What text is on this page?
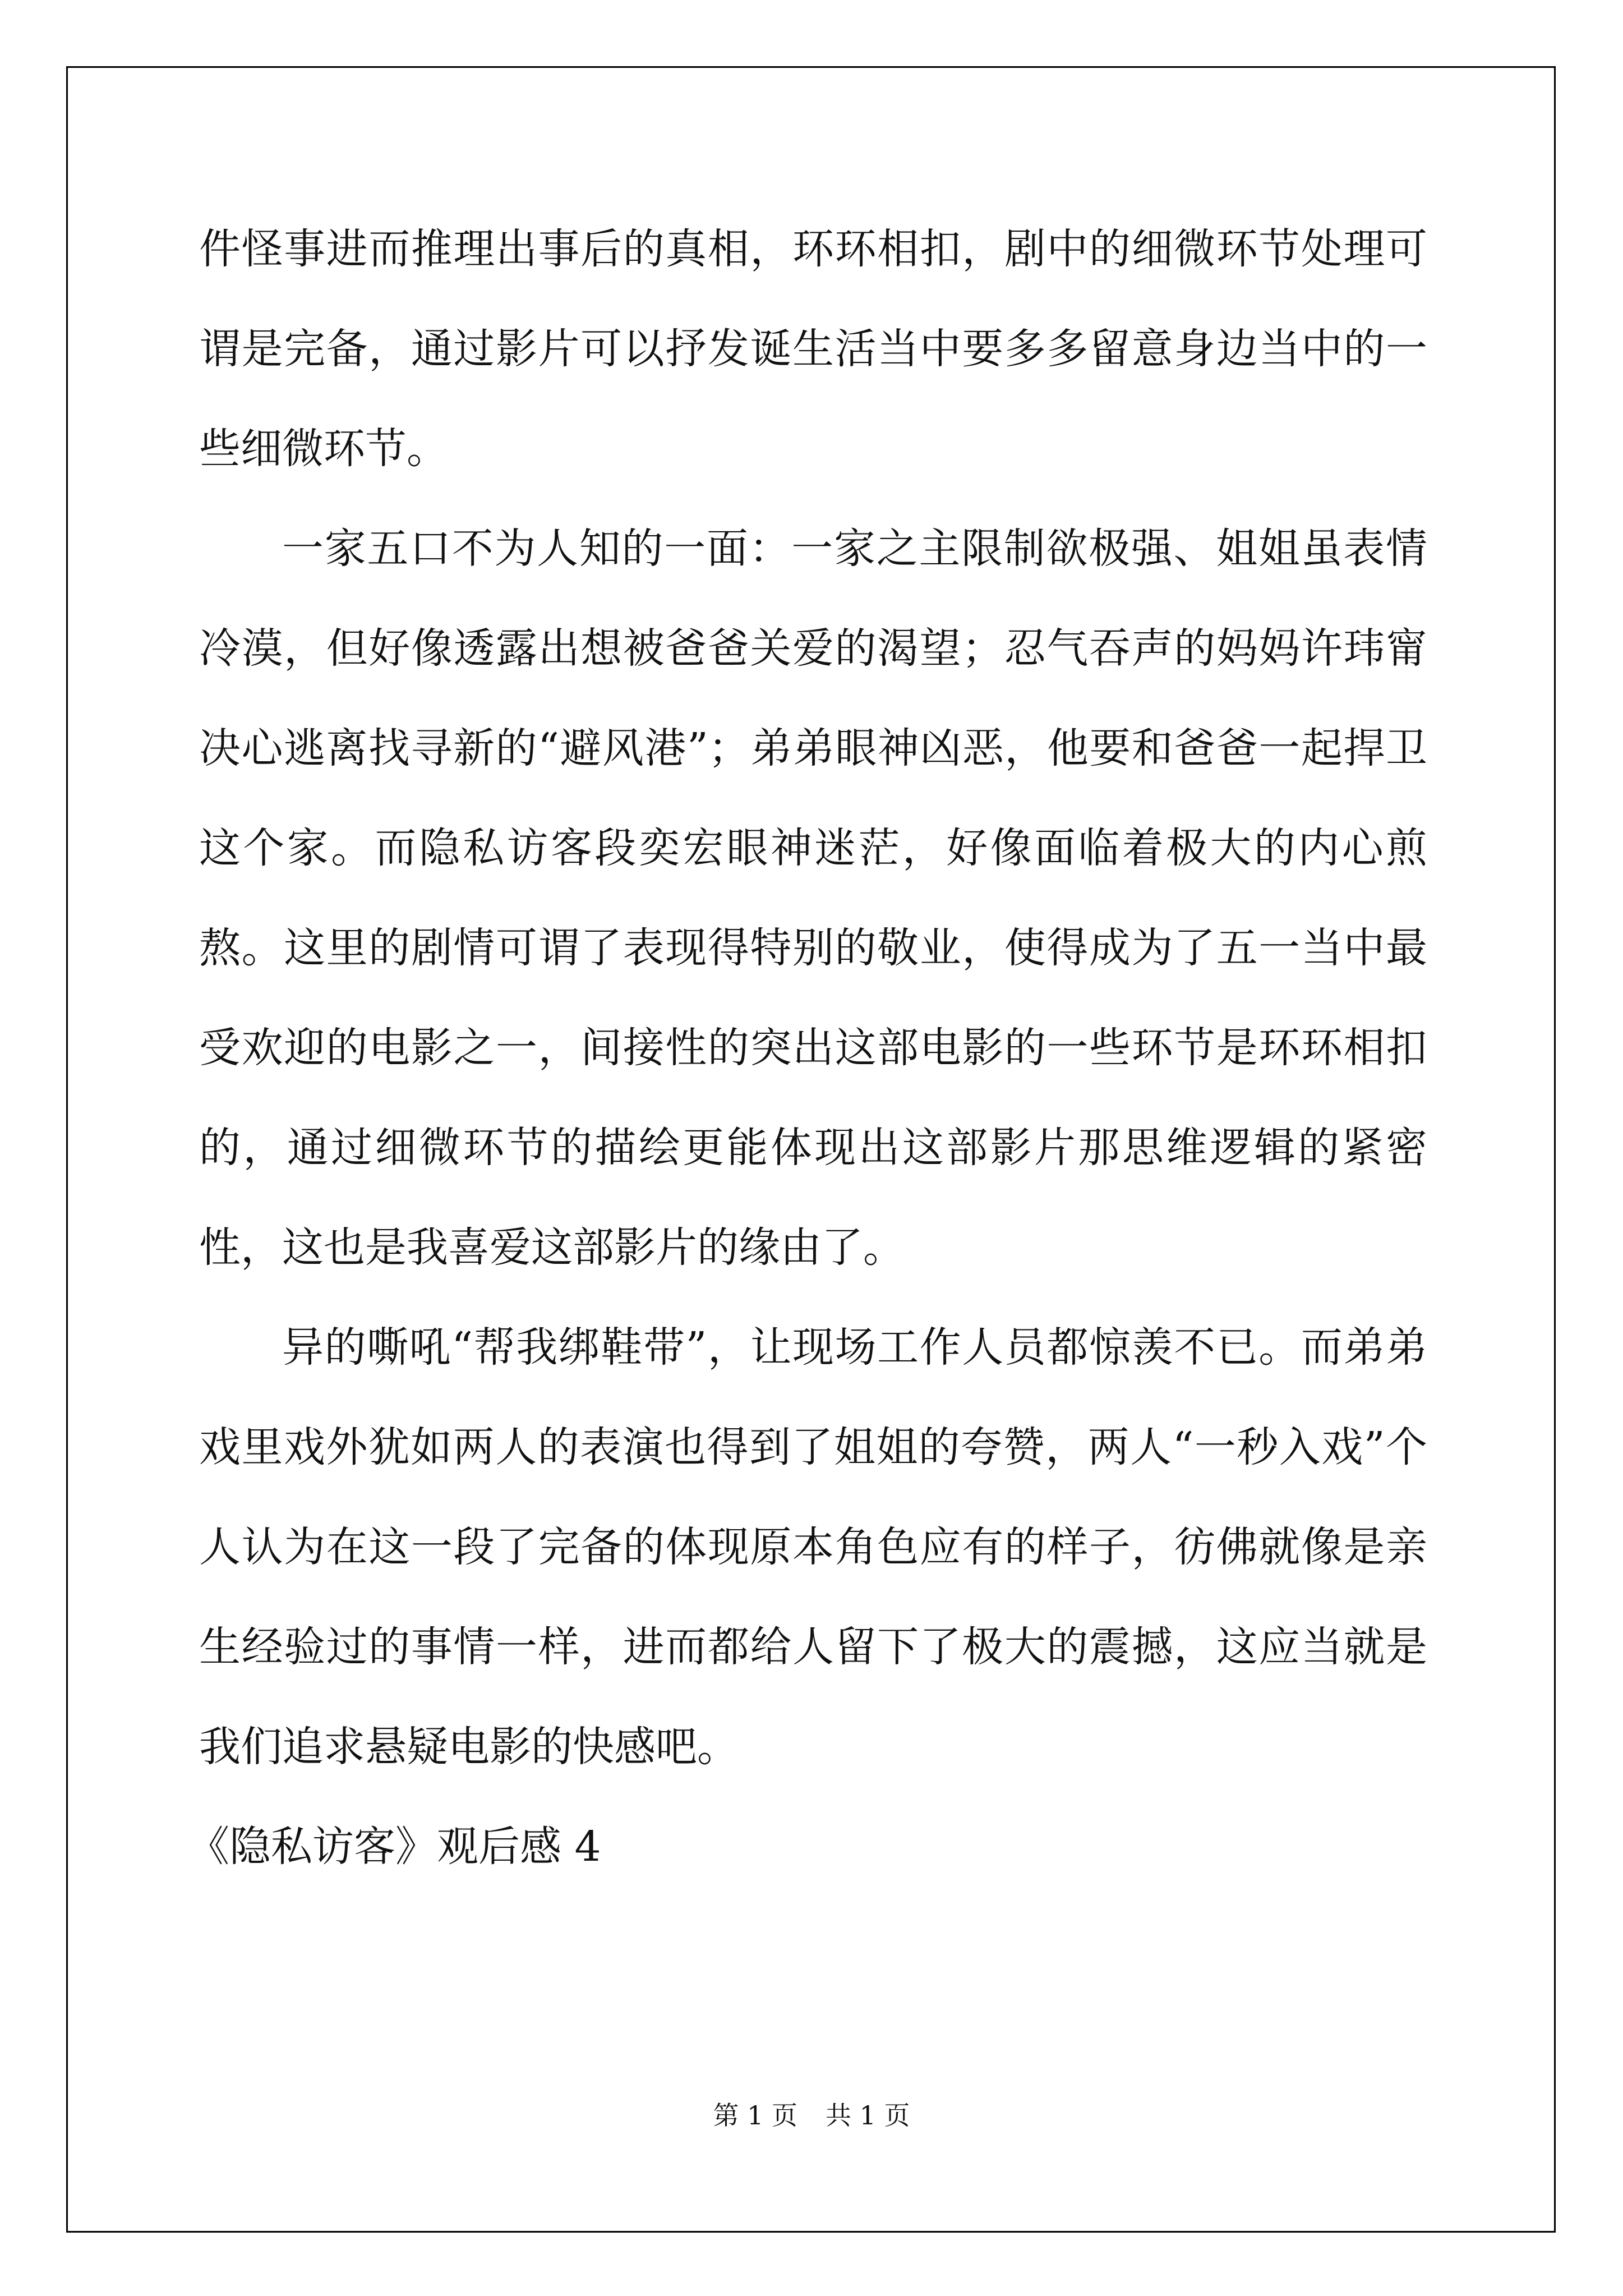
件怪事进而推理出事后的真相，环环相扣，剧中的细微环节处理可谓是完备，通过影片可以抒发诞生活当中要多多留意身边当中的一些细微环节。

一家五口不为人知的一面：一家之主限制欲极强、姐姐虽表情冷漠，但好像透露出想被爸爸关爱的渴望；忍气吞声的妈妈许玮甯决心逃离找寻新的“避风港”；弟弟眼神凶恶，他要和爸爸一起捍卫这个家。而隐私访客段奕宏眼神迷茫，好像面临着极大的内心煎熬。这里的剧情可谓了表现得特别的敬业，使得成为了五一当中最受欢迎的电影之一，间接性的突出这部电影的一些环节是环环相扣的，通过细微环节的描绘更能体现出这部影片那思维逻辑的紧密性，这也是我喜爱这部影片的缘由了。

异的嘶吼“帮我绑鞋带”，让现场工作人员都惊羡不已。而弟弟戏里戏外犹如两人的表演也得到了姐姐的夸赞，两人“一秒入戏”个人认为在这一段了完备的体现原本角色应有的样子，彷佛就像是亲生经验过的事情一样，进而都给人留下了极大的震撼，这应当就是我们追求悬疑电影的快感吧。

《隐私访客》观后感 4

第 1 页 共 1 页
